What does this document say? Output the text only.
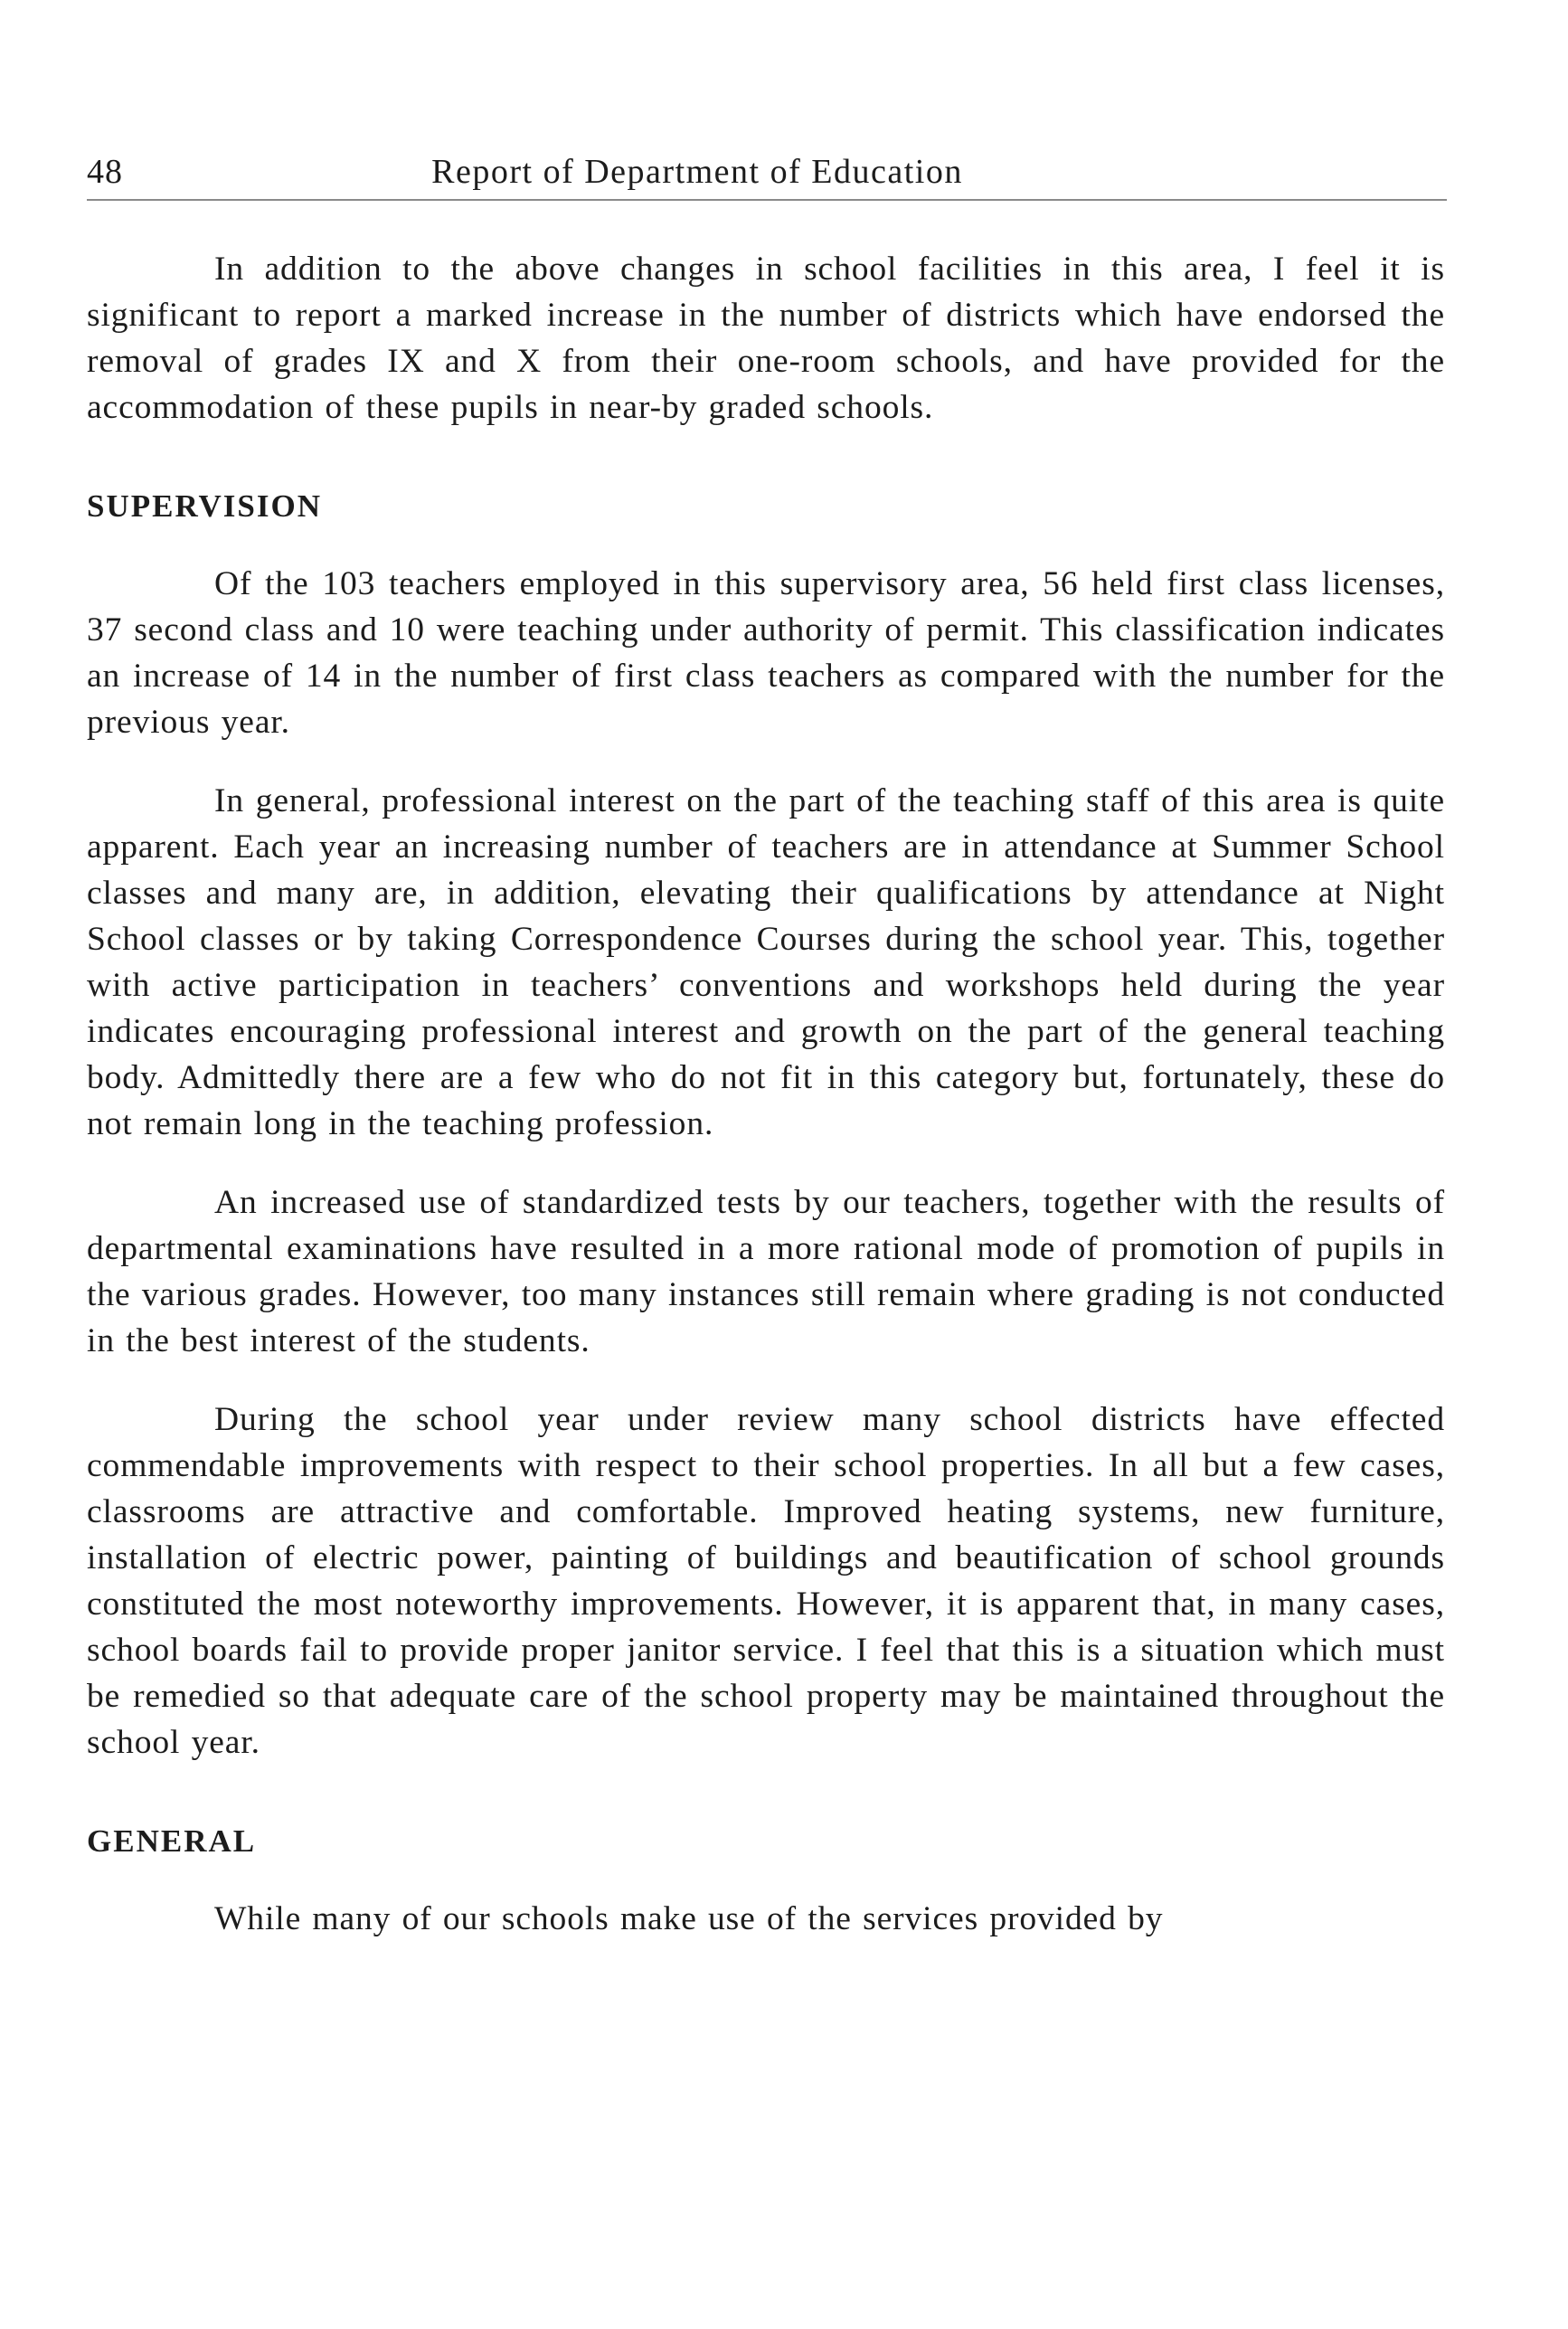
48	Report of Department of Education

In addition to the above changes in school facilities in this area, I feel it is significant to report a marked increase in the number of districts which have endorsed the removal of grades IX and X from their one-room schools, and have provided for the accommodation of these pupils in near-by graded schools.

SUPERVISION

Of the 103 teachers employed in this supervisory area, 56 held first class licenses, 37 second class and 10 were teaching under authority of permit. This classification indicates an increase of 14 in the number of first class teachers as compared with the number for the previous year.

In general, professional interest on the part of the teaching staff of this area is quite apparent. Each year an increasing number of teachers are in attendance at Summer School classes and many are, in addition, elevating their qualifications by attendance at Night School classes or by taking Correspondence Courses during the school year. This, together with active participation in teachers’ conventions and workshops held during the year indicates encouraging professional interest and growth on the part of the general teaching body. Admittedly there are a few who do not fit in this category but, fortunately, these do not remain long in the teaching profession.

An increased use of standardized tests by our teachers, together with the results of departmental examinations have resulted in a more rational mode of promotion of pupils in the various grades. However, too many instances still remain where grading is not conducted in the best interest of the students.

During the school year under review many school districts have effected commendable improvements with respect to their school properties. In all but a few cases, classrooms are attractive and comfortable. Improved heating systems, new furniture, installation of electric power, painting of buildings and beautification of school grounds constituted the most noteworthy improvements. However, it is apparent that, in many cases, school boards fail to provide proper janitor service. I feel that this is a situation which must be remedied so that adequate care of the school property may be maintained throughout the school year.

GENERAL

While many of our schools make use of the services provided by
